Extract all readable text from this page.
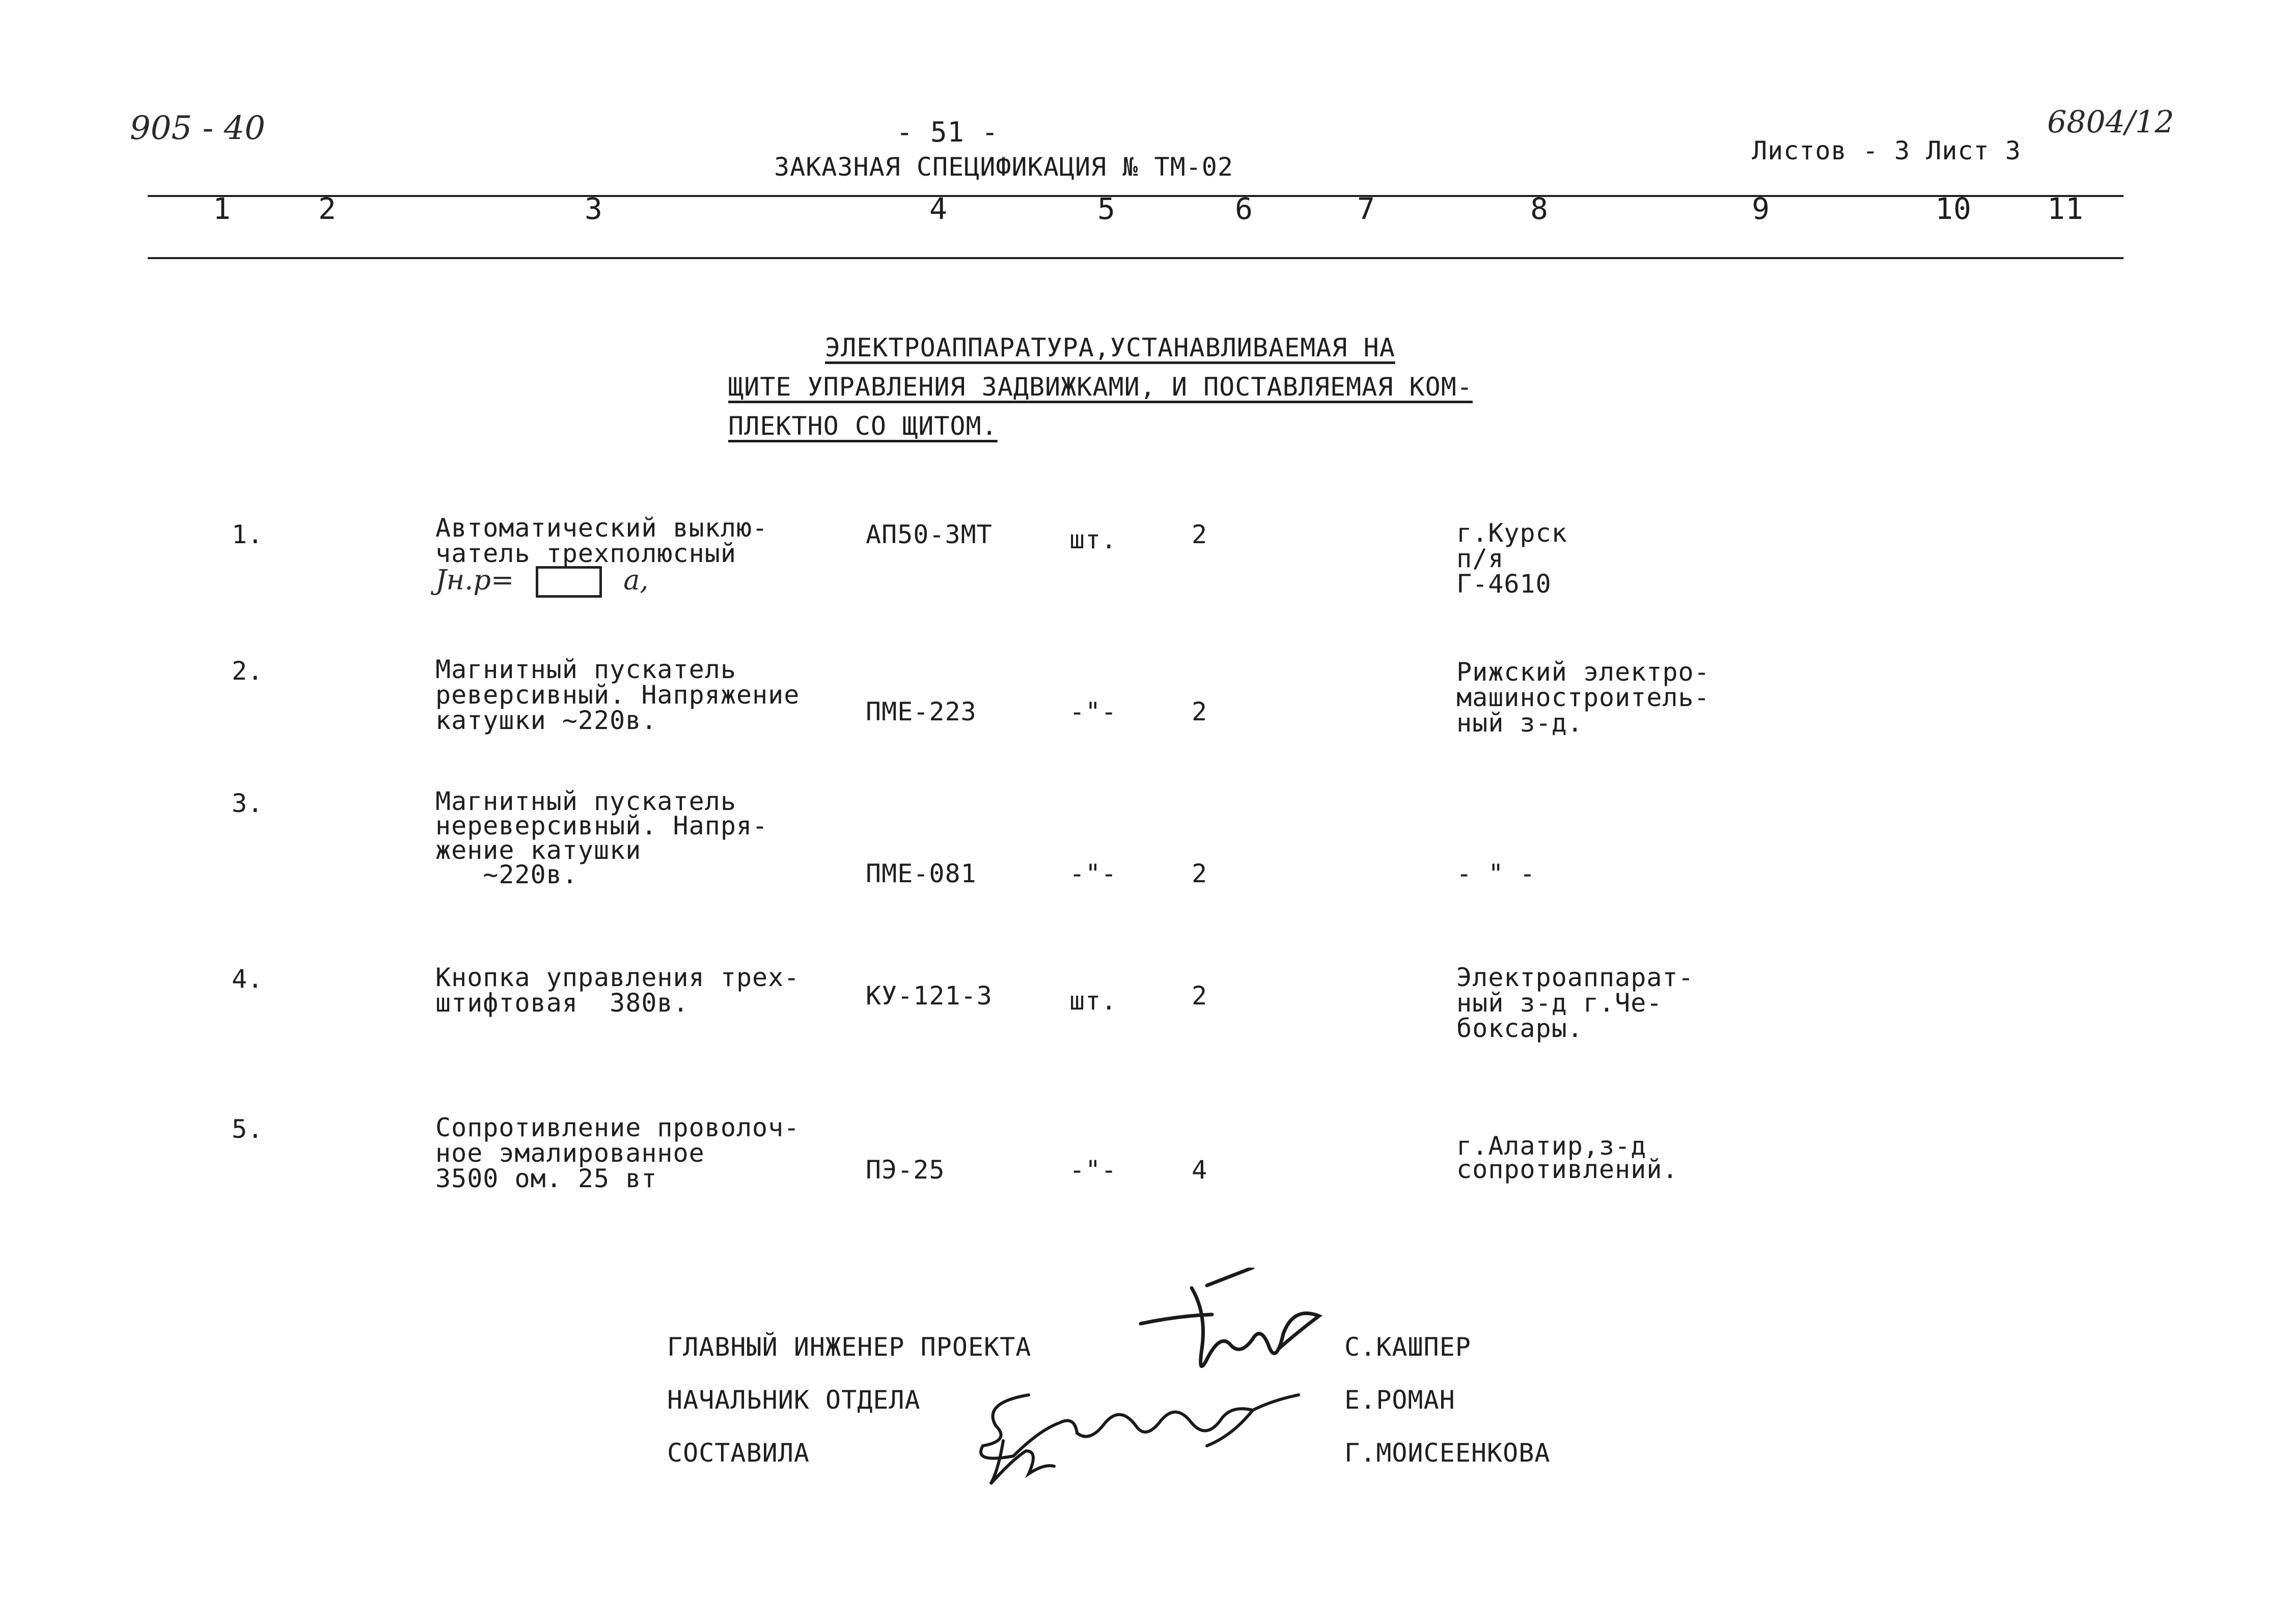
905 - 40	- 51 -
ЗАКАЗНАЯ СПЕЦИФИКАЦИЯ № ТМ-02
Листов - 3 Лист 3
6804/12
1	2	3	4	5	6	7	8	9	10	11
ЭЛЕКТРОАППАРАТУРА,УСТАНАВЛИВАЕМАЯ НА
ЩИТЕ УПРАВЛЕНИЯ ЗАДВИЖКАМИ, И ПОСТАВЛЯЕМАЯ КОМ-
ПЛЕКТНО СО ЩИТОМ.
1.	Автоматический выклю-
чатель трехполюсный
Jн.р=	а,
АП50-3МТ	шт.	2	г.Курск
п/я
Г-4610
2.	Магнитный пускатель
реверсивный. Напряжение
катушки ~220в.	ПМЕ-223	-"-	2
Рижский электро-
машиностроитель-
ный з-д.
3.	Магнитный пускатель
нереверсивный. Напря-
жение катушки
~220в.	ПМЕ-081	-"-	2	- " -
4.	Кнопка управления трех-
штифтовая  380в.	КУ-121-3	шт.	2
Электроаппарат-
ный з-д г.Че-
боксары.
5.	Сопротивление проволоч-
ное эмалированное
3500 ом. 25 вт	ПЭ-25	-"-	4
г.Алатир,з-д
сопротивлений.
ГЛАВНЫЙ ИНЖЕНЕР ПРОЕКТА	С.КАШПЕР
НАЧАЛЬНИК ОТДЕЛА	Е.РОМАН
СОСТАВИЛА	Г.МОИСЕЕНКОВА
